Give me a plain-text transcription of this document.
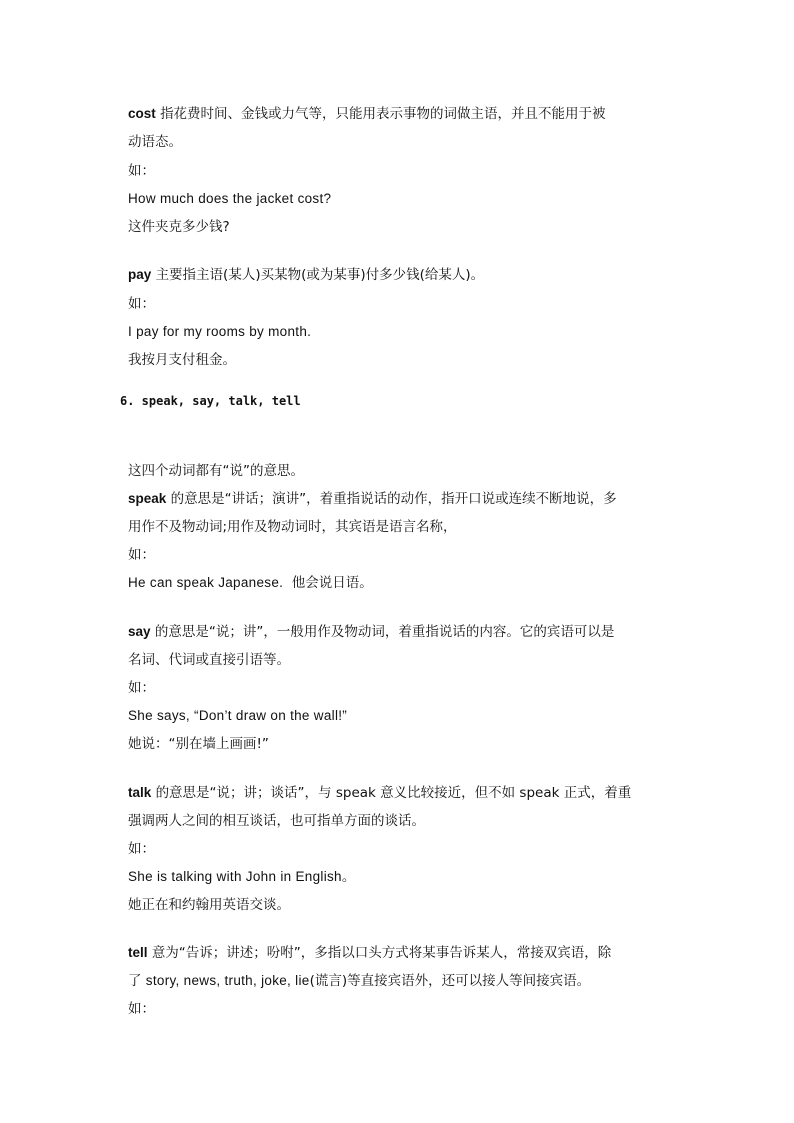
cost 指花费时间、金钱或力气等，只能用表示事物的词做主语，并且不能用于被
动语态。
如：
How much does the jacket cost?
这件夹克多少钱?
pay 主要指主语(某人)买某物(或为某事)付多少钱(给某人)。
如：
I pay for my rooms by month.
我按月支付租金。
6. speak, say, talk, tell
这四个动词都有“说”的意思。
speak 的意思是“讲话；演讲”，着重指说话的动作，指开口说或连续不断地说，多
用作不及物动词;用作及物动词时，其宾语是语言名称，
如：
He can speak Japanese. 他会说日语。
say 的意思是“说；讲”，一般用作及物动词，着重指说话的内容。它的宾语可以是
名词、代词或直接引语等。
如：
She says, “Don’t draw on the wall!”
她说：“别在墙上画画!”
talk 的意思是“说；讲；谈话”，与 speak 意义比较接近，但不如 speak 正式，着重
强调两人之间的相互谈话，也可指单方面的谈话。
如：
She is talking with John in English。
她正在和约翰用英语交谈。
tell 意为“告诉；讲述；吩咐”，多指以口头方式将某事告诉某人，常接双宾语，除
了 story, news, truth, joke, lie(谎言)等直接宾语外，还可以接人等间接宾语。
如：
